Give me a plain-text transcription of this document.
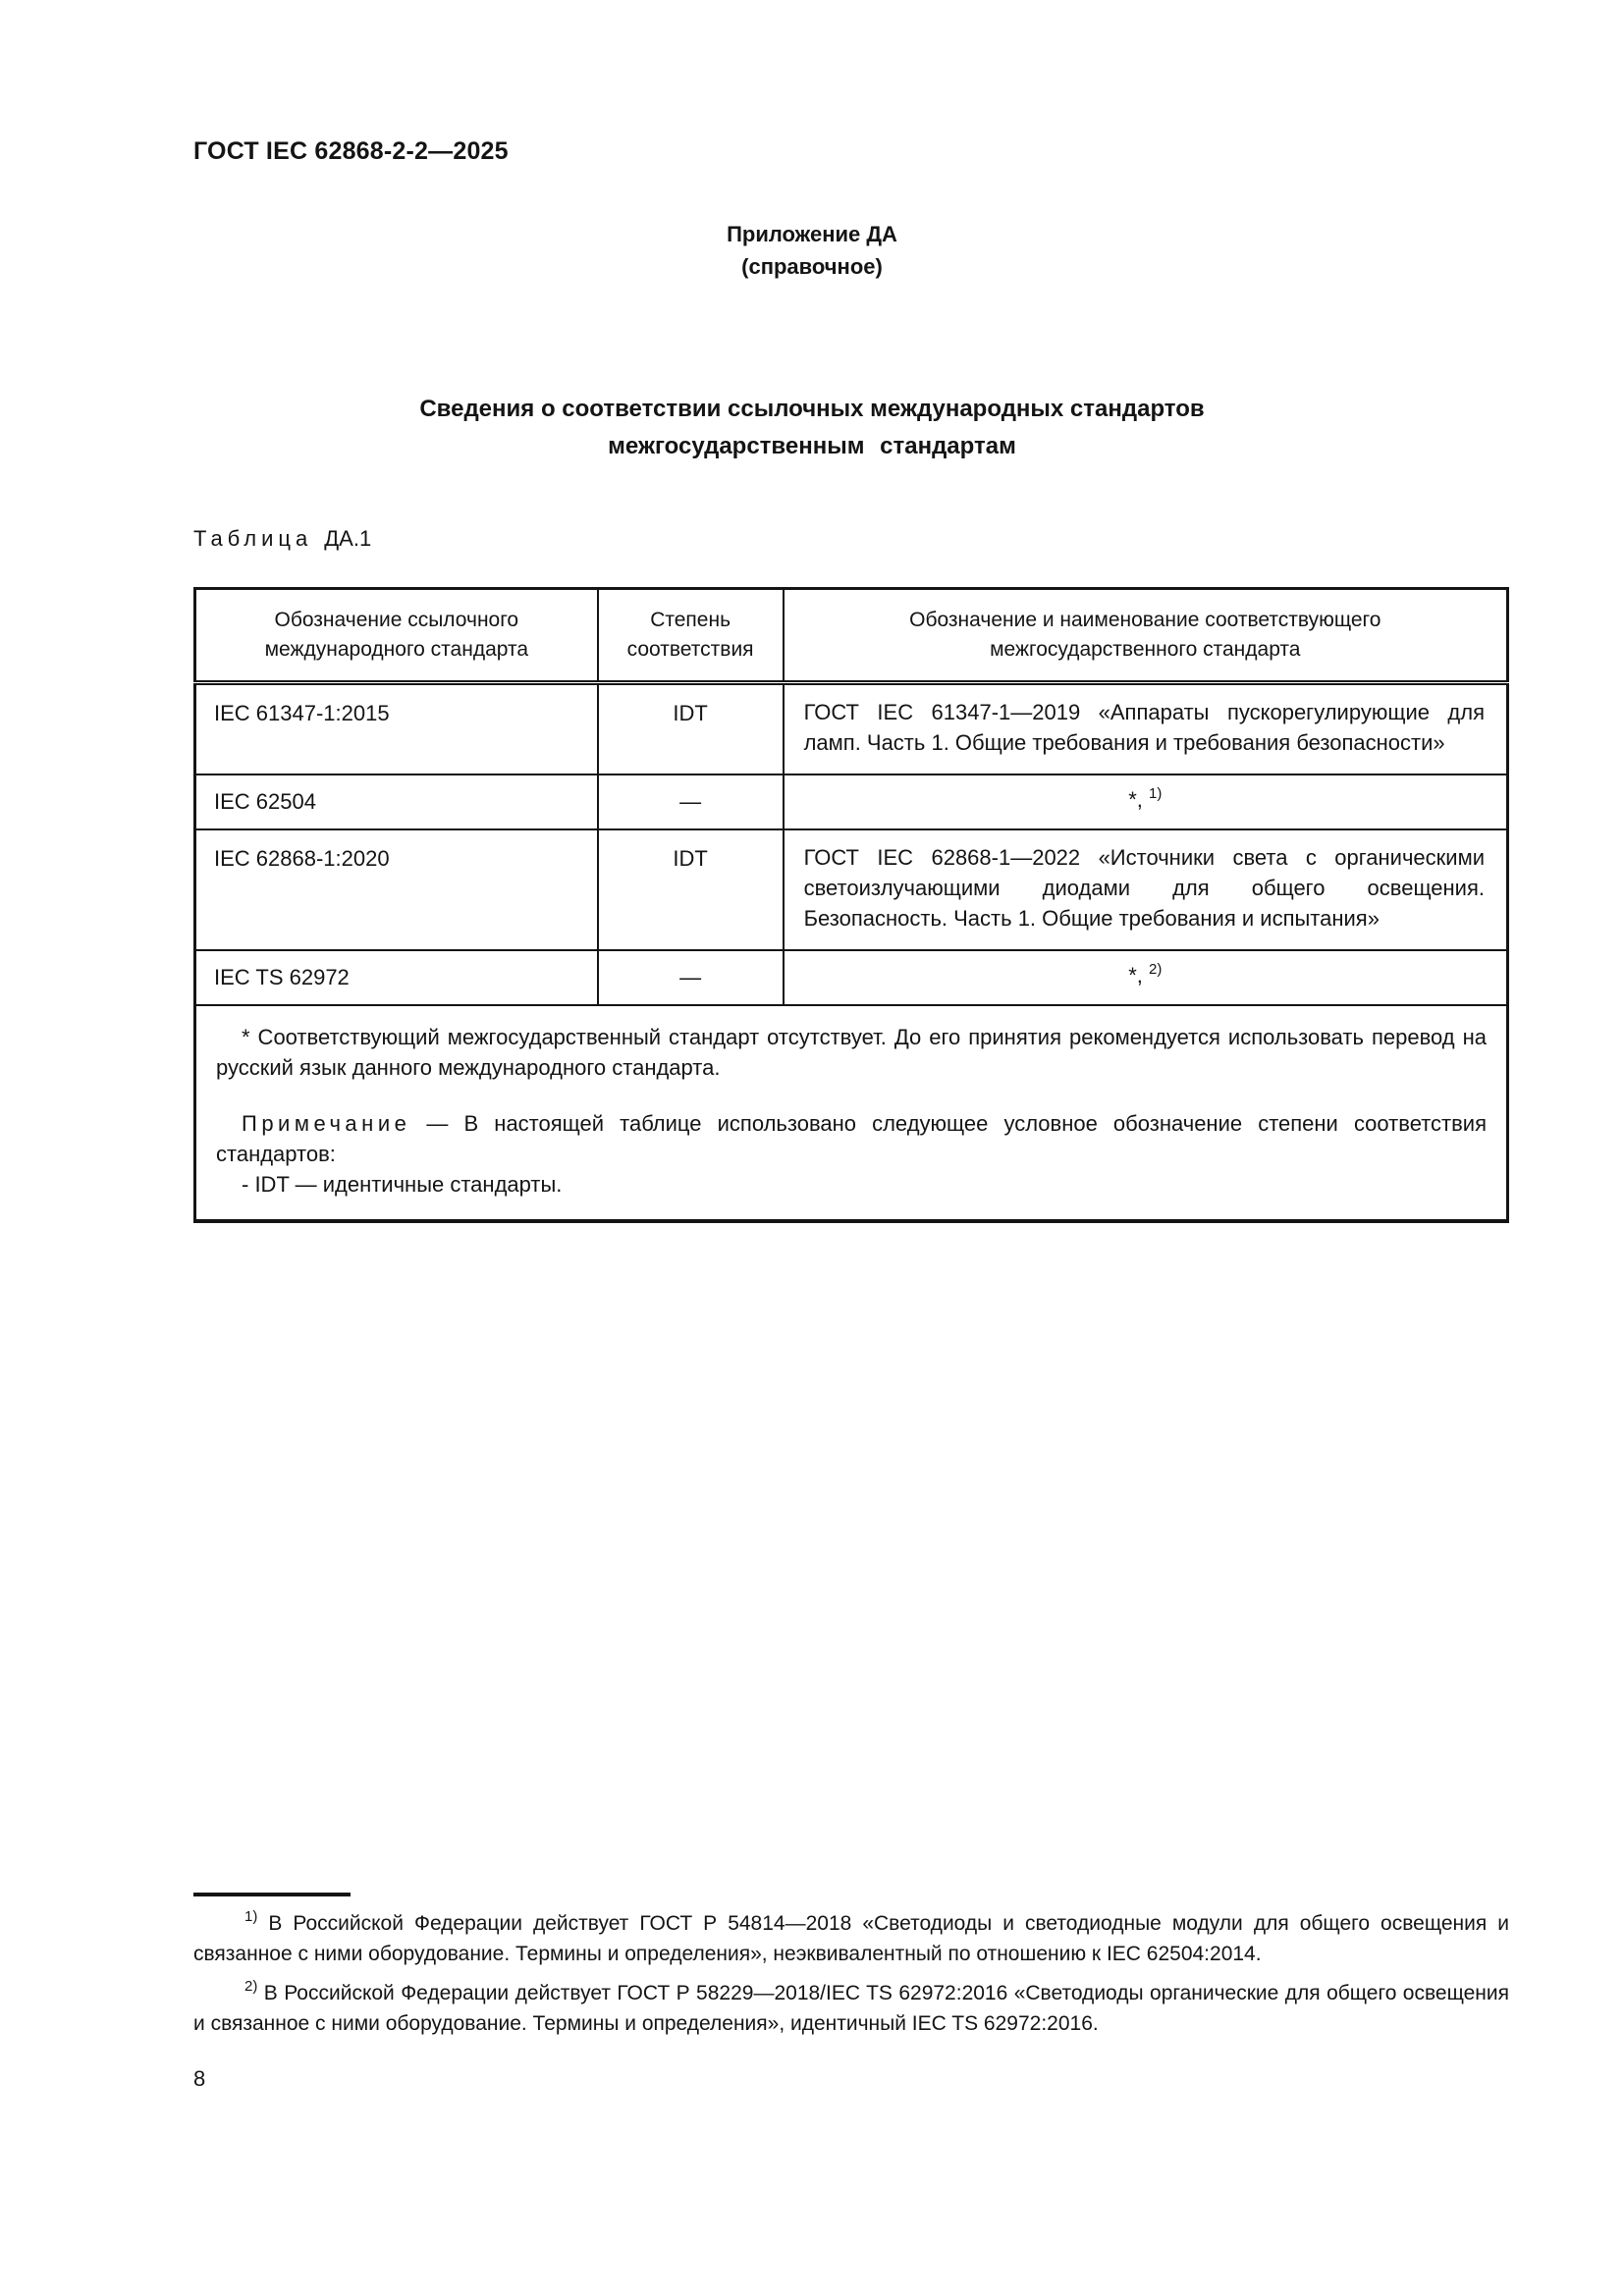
ГОСТ IEC 62868-2-2—2025
Приложение ДА
(справочное)
Сведения о соответствии ссылочных международных стандартов
межгосударственным стандартам
Таблица ДА.1
Обозначение ссылочного международного стандарта	Степень соответствия	Обозначение и наименование соответствующего межгосударственного стандарта
IEC 61347-1:2015	IDT	ГОСТ IEC 61347-1—2019 «Аппараты пускорегулирующие для ламп. Часть 1. Общие требования и требования безопасности»
IEC 62504	—	*, $^{1)}$
IEC 62868-1:2020	IDT	ГОСТ IEC 62868-1—2022 «Источники света с органическими светоизлучающими диодами для общего освещения. Безопасность. Часть 1. Общие требования и испытания»
IEC TS 62972	—	*, $^{2)}$

* Соответствующий межгосударственный стандарт отсутствует. До его принятия рекомендуется использовать перевод на русский язык данного международного стандарта.

Примечание — В настоящей таблице использовано следующее условное обозначение степени соответствия стандартов:

- IDT — идентичные стандарты.		

$^{1)}$ В Российской Федерации действует ГОСТ Р 54814—2018 «Светодиоды и светодиодные модули для общего освещения и связанное с ними оборудование. Термины и определения», неэквивалентный по отношению к IEC 62504:2014.

$^{2)}$ В Российской Федерации действует ГОСТ Р 58229—2018/IEC TS 62972:2016 «Светодиоды органические для общего освещения и связанное с ними оборудование. Термины и определения», идентичный IEC TS 62972:2016.

8
